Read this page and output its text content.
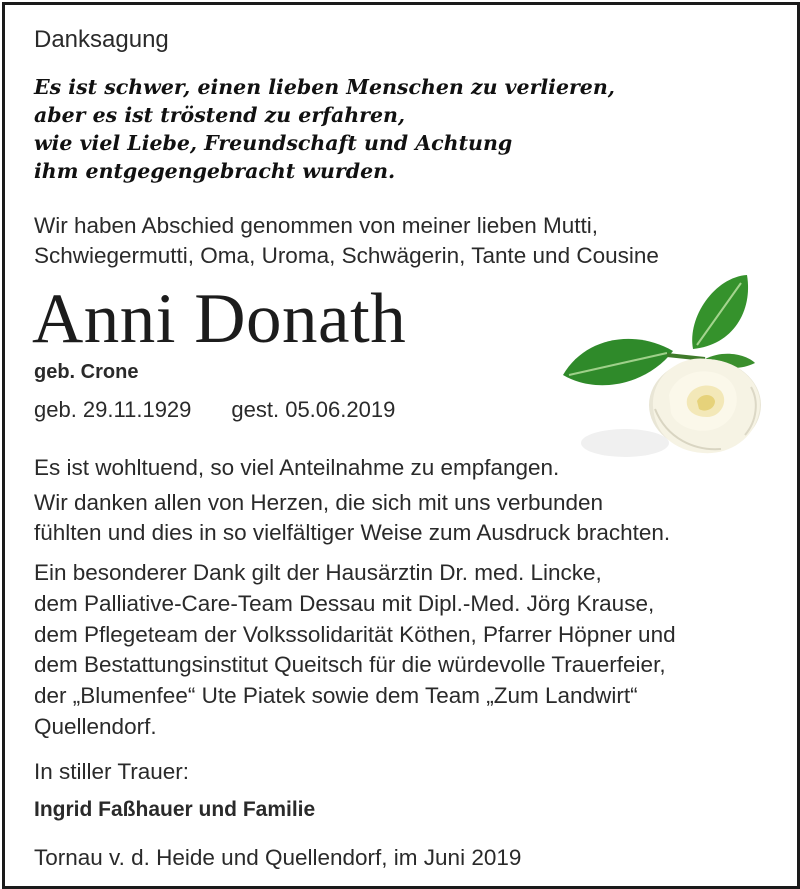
Danksagung
Es ist schwer, einen lieben Menschen zu verlieren,
aber es ist tröstend zu erfahren,
wie viel Liebe, Freundschaft und Achtung
ihm entgegengebracht wurden.
Wir haben Abschied genommen von meiner lieben Mutti,
Schwiegermutti, Oma, Uroma, Schwägerin, Tante und Cousine
Anni Donath
geb. Crone
geb. 29.11.1929 gest. 05.06.2019
Es ist wohltuend, so viel Anteilnahme zu empfangen.
Wir danken allen von Herzen, die sich mit uns verbunden
fühlten und dies in so vielfältiger Weise zum Ausdruck brachten.
Ein besonderer Dank gilt der Hausärztin Dr. med. Lincke,
dem Palliative-Care-Team Dessau mit Dipl.-Med. Jörg Krause,
dem Pflegeteam der Volkssolidarität Köthen, Pfarrer Höpner und
dem Bestattungsinstitut Queitsch für die würdevolle Trauerfeier,
der „Blumenfee“ Ute Piatek sowie dem Team „Zum Landwirt“
Quellendorf.
In stiller Trauer:
Ingrid Faßhauer und Familie
Tornau v. d. Heide und Quellendorf, im Juni 2019
